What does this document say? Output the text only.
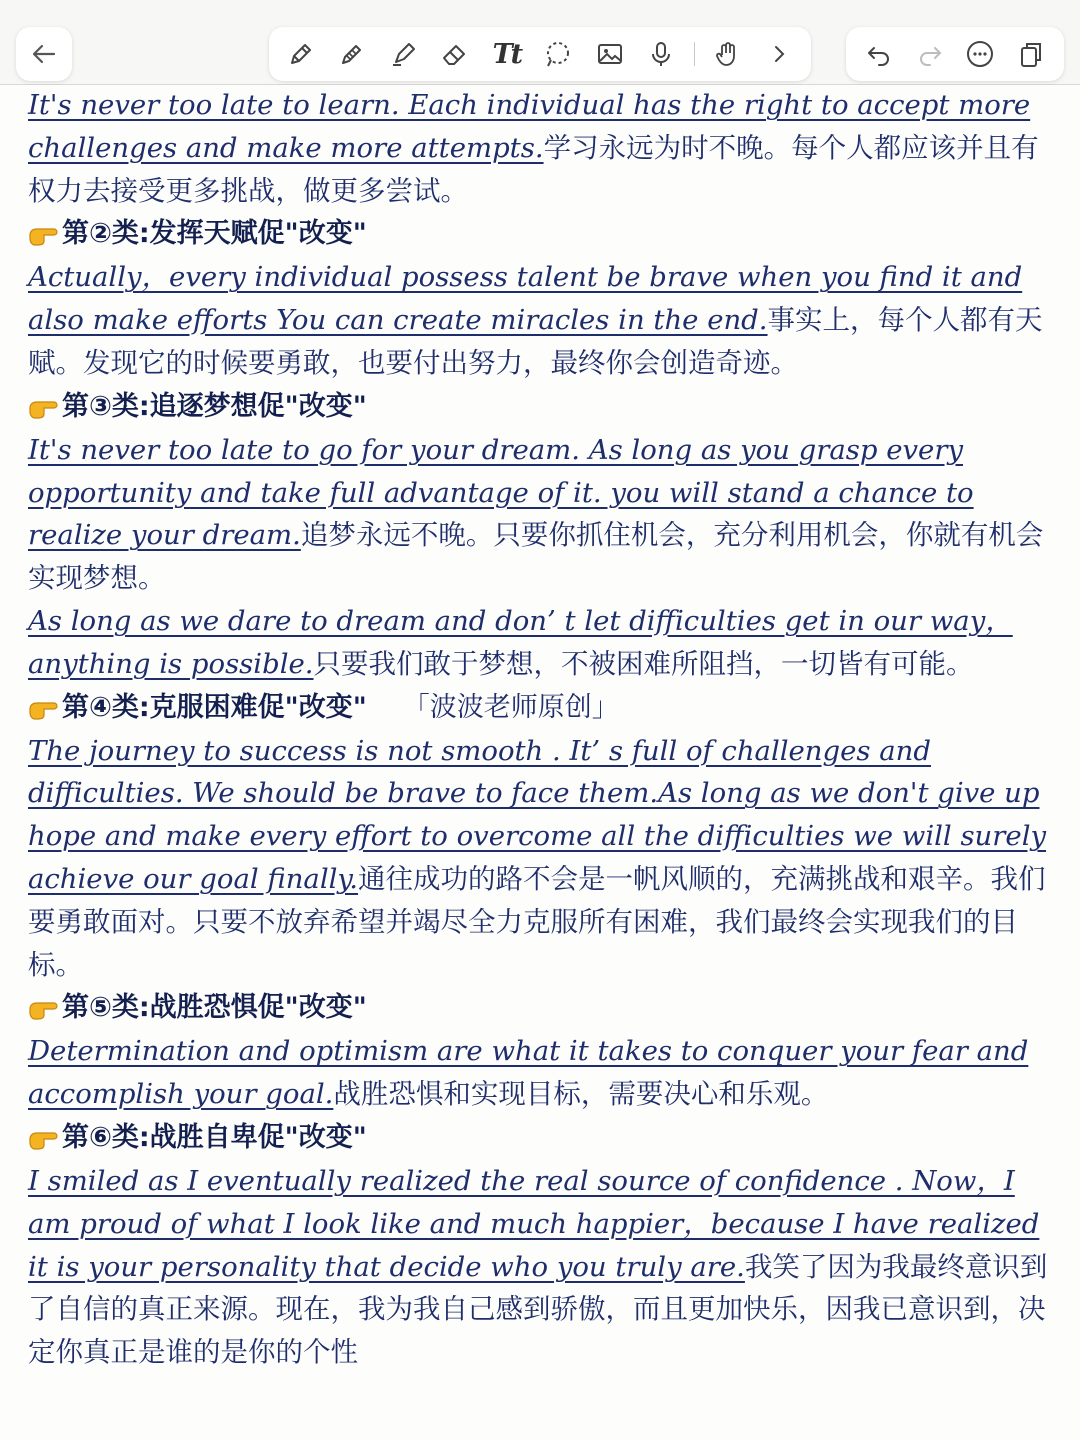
Tt

It's never too late to learn. Each individual has the right to accept more challenges and make more attempts.学习永远为时不晚。每个人都应该并且有权力去接受更多挑战，做更多尝试。

第②类:发挥天赋促"改变"

Actually，every individual possess talent be brave when you find it and also make efforts You can create miracles in the end.事实上，每个人都有天赋。发现它的时候要勇敢，也要付出努力，最终你会创造奇迹。

第③类:追逐梦想促"改变"

It's never too late to go for your dream. As long as you grasp every opportunity and take full advantage of it. you will stand a chance to realize your dream.追梦永远不晚。只要你抓住机会，充分利用机会，你就有机会实现梦想。

As long as we dare to dream and don’ t let difficulties get in our way，anything is possible.只要我们敢于梦想，不被困难所阻挡，一切皆有可能。

第④类:克服困难促"改变" 「波波老师原创」

The journey to success is not smooth . It’ s full of challenges and difficulties. We should be brave to face them.As long as we don't give up hope and make every effort to overcome all the difficulties we will surely achieve our goal finally.通往成功的路不会是一帆风顺的，充满挑战和艰辛。我们要勇敢面对。只要不放弃希望并竭尽全力克服所有困难，我们最终会实现我们的目标。

第⑤类:战胜恐惧促"改变"

Determination and optimism are what it takes to conquer your fear and accomplish your goal.战胜恐惧和实现目标，需要决心和乐观。

第⑥类:战胜自卑促"改变"

I smiled as I eventually realized the real source of confidence . Now，I am proud of what I look like and much happier，because I have realized it is your personality that decide who you truly are.我笑了因为我最终意识到了自信的真正来源。现在，我为我自己感到骄傲，而且更加快乐，因我已意识到，决定你真正是谁的是你的个性
